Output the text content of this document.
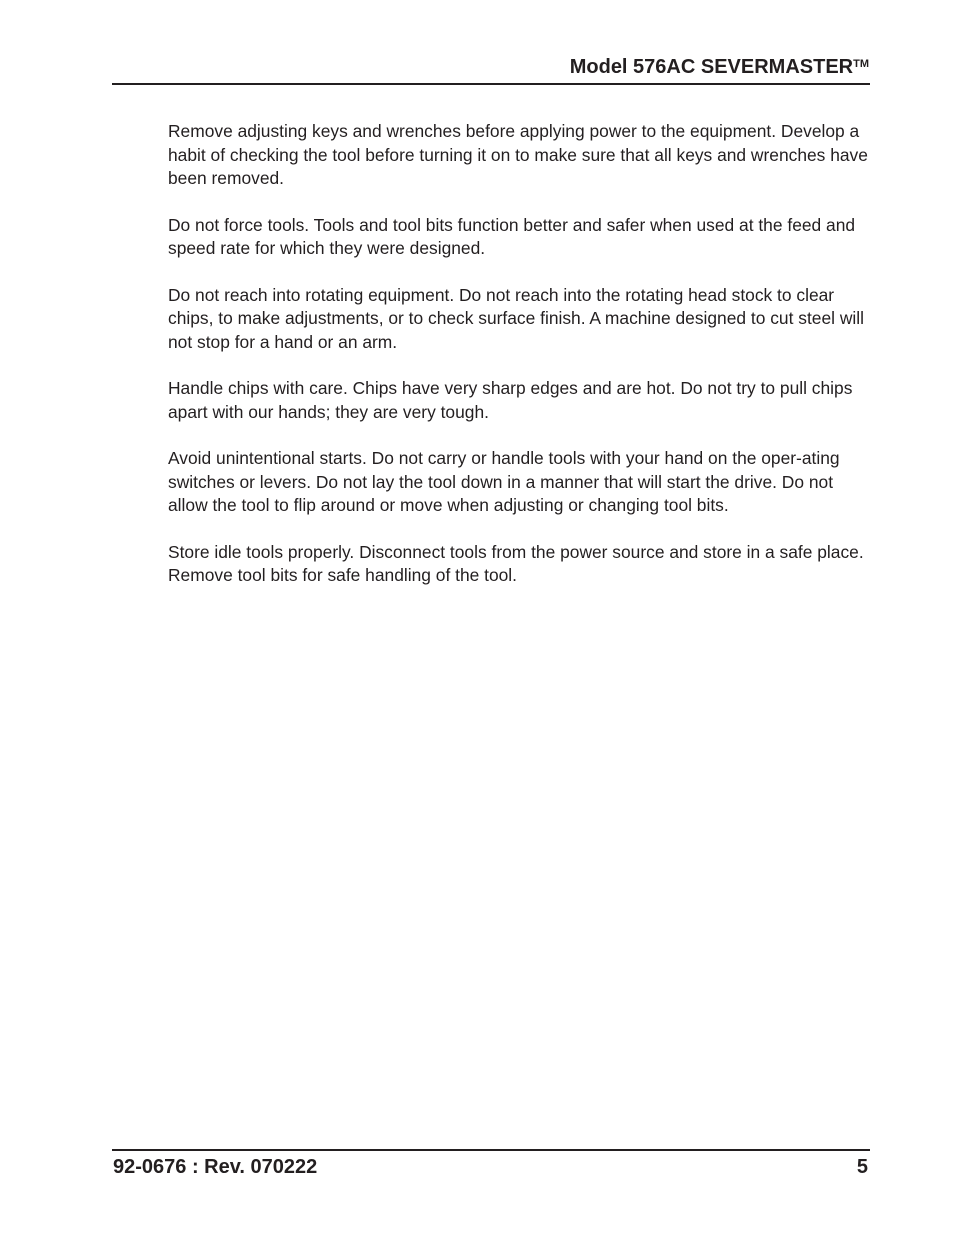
Model 576AC SEVERMASTER™

Remove adjusting keys and wrenches before applying power to the equipment. Develop a habit of checking the tool before turning it on to make sure that all keys and wrenches have been removed.

Do not force tools. Tools and tool bits function better and safer when used at the feed and speed rate for which they were designed.

Do not reach into rotating equipment. Do not reach into the rotating head stock to clear chips, to make adjustments, or to check surface finish. A machine designed to cut steel will not stop for a hand or an arm.

Handle chips with care. Chips have very sharp edges and are hot. Do not try to pull chips apart with our hands; they are very tough.

Avoid unintentional starts. Do not carry or handle tools with your hand on the oper-ating switches or levers. Do not lay the tool down in a manner that will start the drive. Do not allow the tool to flip around or move when adjusting or changing tool bits.

Store idle tools properly. Disconnect tools from the power source and store in a safe place. Remove tool bits for safe handling of the tool.

92-0676 : Rev. 070222	5
